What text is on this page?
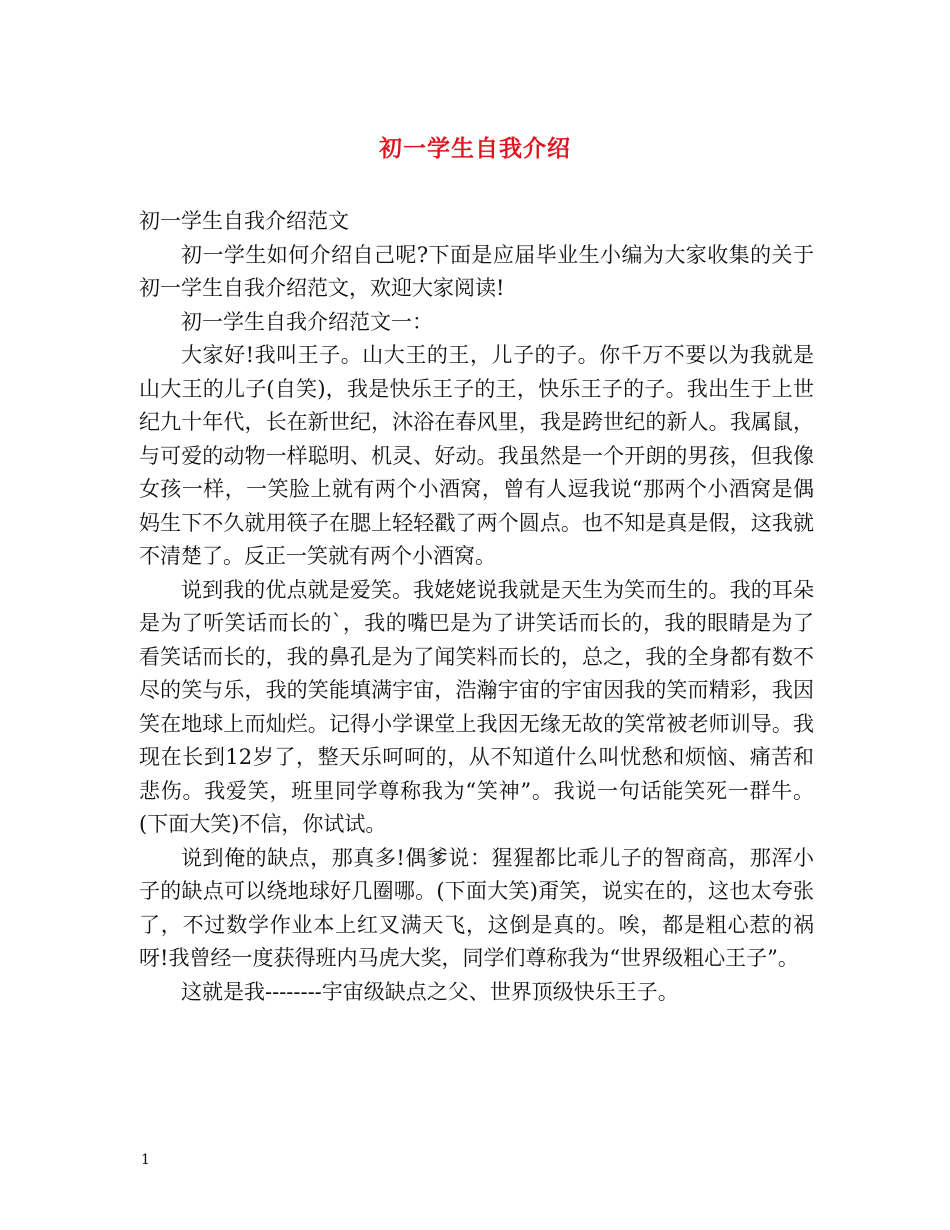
初一学生自我介绍

初一学生自我介绍范文

初一学生如何介绍自己呢?下面是应届毕业生小编为大家收集的关于初一学生自我介绍范文，欢迎大家阅读!

初一学生自我介绍范文一：

大家好!我叫王子。山大王的王，儿子的子。你千万不要以为我就是山大王的儿子(自笑)，我是快乐王子的王，快乐王子的子。我出生于上世纪九十年代，长在新世纪，沐浴在春风里，我是跨世纪的新人。我属鼠，与可爱的动物一样聪明、机灵、好动。我虽然是一个开朗的男孩，但我像女孩一样，一笑脸上就有两个小酒窝，曾有人逗我说“那两个小酒窝是偶妈生下不久就用筷子在腮上轻轻戳了两个圆点。也不知是真是假，这我就不清楚了。反正一笑就有两个小酒窝。

说到我的优点就是爱笑。我姥姥说我就是天生为笑而生的。我的耳朵是为了听笑话而长的`，我的嘴巴是为了讲笑话而长的，我的眼睛是为了看笑话而长的，我的鼻孔是为了闻笑料而长的，总之，我的全身都有数不尽的笑与乐，我的笑能填满宇宙，浩瀚宇宙的宇宙因我的笑而精彩，我因笑在地球上而灿烂。记得小学课堂上我因无缘无故的笑常被老师训导。我现在长到12岁了，整天乐呵呵的，从不知道什么叫忧愁和烦恼、痛苦和悲伤。我爱笑，班里同学尊称我为“笑神”。我说一句话能笑死一群牛。(下面大笑)不信，你试试。

说到俺的缺点，那真多!偶爹说：猩猩都比乖儿子的智商高，那浑小子的缺点可以绕地球好几圈哪。(下面大笑)甭笑，说实在的，这也太夸张了，不过数学作业本上红叉满天飞，这倒是真的。唉，都是粗心惹的祸呀!我曾经一度获得班内马虎大奖，同学们尊称我为“世界级粗心王子”。

这就是我--------宇宙级缺点之父、世界顶级快乐王子。

1
